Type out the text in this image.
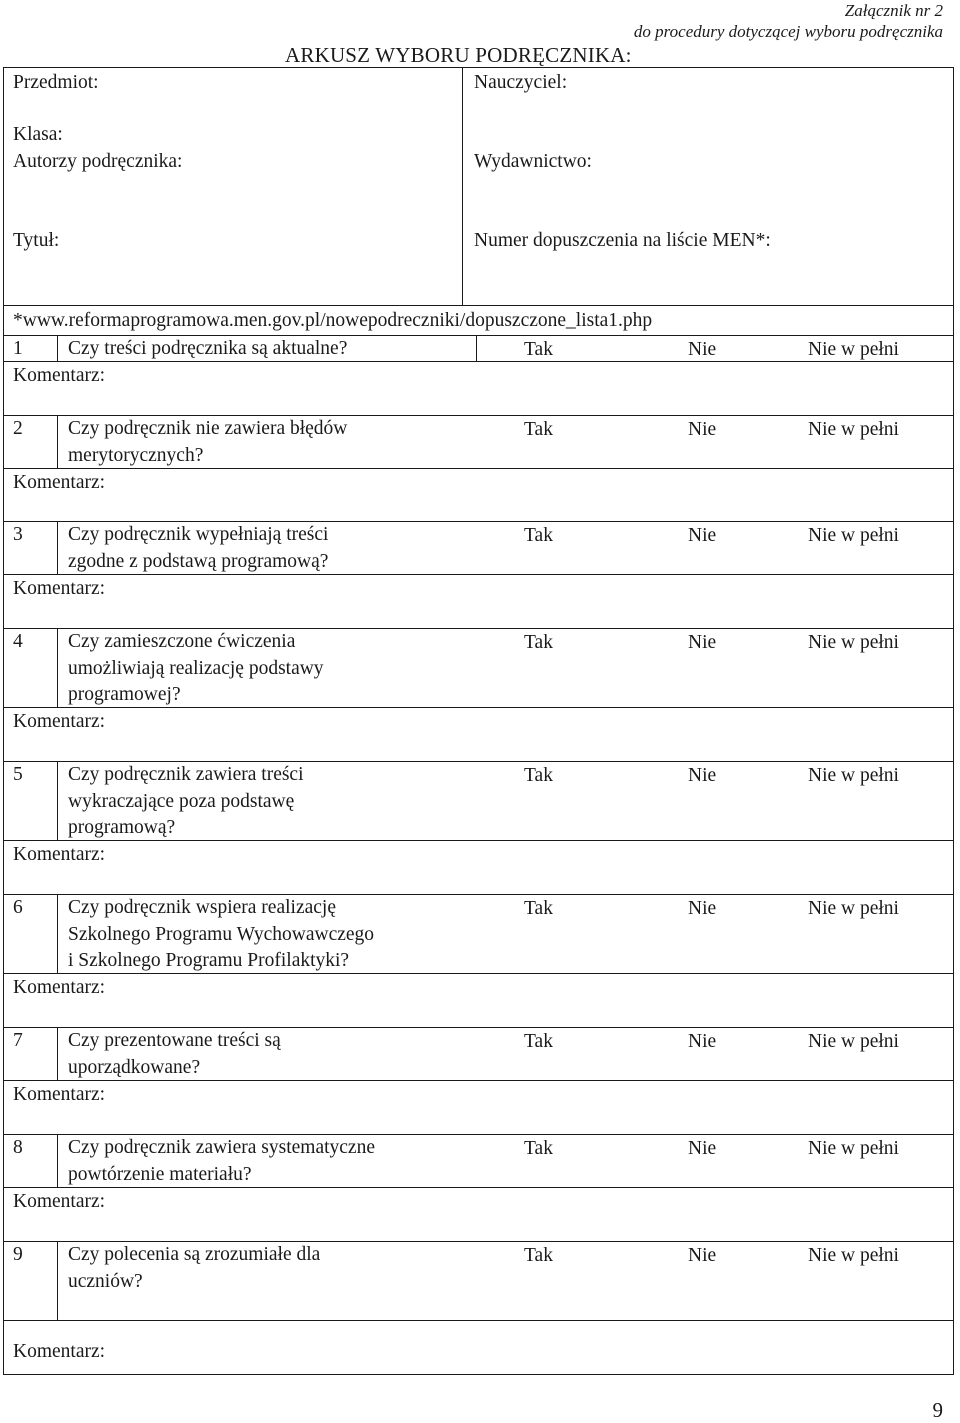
Załącznik nr 2
do procedury dotyczącej wyboru podręcznika
ARKUSZ WYBORU PODRĘCZNIKA:
Przedmiot:	Nauczyciel:
Klasa:
Autorzy podręcznika:	Wydawnictwo:
Tytuł:	Numer dopuszczenia na liście MEN*:
*www.reformaprogramowa.men.gov.pl/nowepodreczniki/dopuszczone_lista1.php
1 Czy treści podręcznika są aktualne?	Tak	Nie	Nie w pełni
Komentarz:
2 Czy podręcznik nie zawiera błędów
merytorycznych?
Tak	Nie	Nie w pełni
Komentarz:
3 Czy podręcznik wypełniają treści
zgodne z podstawą programową?
Tak	Nie	Nie w pełni
Komentarz:
4 Czy zamieszczone ćwiczenia
umożliwiają realizację podstawy
programowej?
Tak	Nie	Nie w pełni
Komentarz:
5 Czy podręcznik zawiera treści
wykraczające poza podstawę
programową?
Tak	Nie	Nie w pełni
Komentarz:
6 Czy podręcznik wspiera realizację
Szkolnego Programu Wychowawczego
i Szkolnego Programu Profilaktyki?
Tak	Nie	Nie w pełni
Komentarz:
7 Czy prezentowane treści są
uporządkowane?
Tak	Nie	Nie w pełni
Komentarz:
8 Czy podręcznik zawiera systematyczne
powtórzenie materiału?
Tak	Nie	Nie w pełni
Komentarz:
9 Czy polecenia są zrozumiałe dla
uczniów?
Tak	Nie	Nie w pełni
Komentarz:
9
